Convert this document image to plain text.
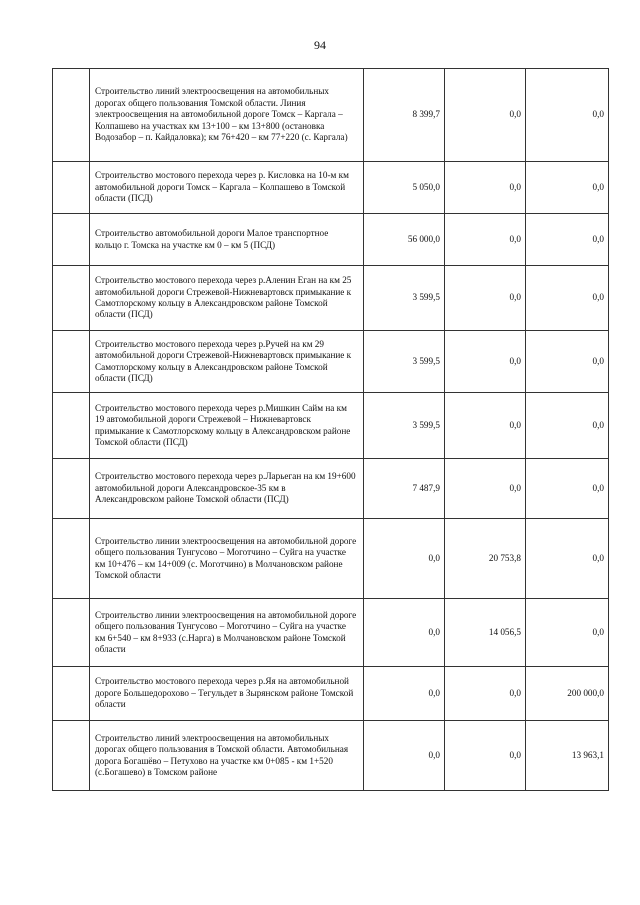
94
	Строительство линий электроосвещения на автомобильных дорогах общего пользования Томской области. Линия электроосвещения на автомобильной дороге Томск – Каргала – Колпашево на участках км 13+100 – км 13+800 (остановка Водозабор – п. Кайдаловка); км 76+420 – км 77+220 (с. Каргала)	8 399,7	0,0	0,0
	Строительство мостового перехода через р. Кисловка на 10-м км автомобильной дороги Томск – Каргала – Колпашево в Томской области (ПСД)	5 050,0	0,0	0,0
	Строительство автомобильной дороги Малое транспортное кольцо г. Томска на участке км 0 – км 5 (ПСД)	56 000,0	0,0	0,0
	Строительство мостового перехода через р.Аленин Еган на км 25 автомобильной дороги Стрежевой-Нижневартовск примыкание к Самотлорскому кольцу в Александровском районе Томской области (ПСД)	3 599,5	0,0	0,0
	Строительство мостового перехода через р.Ручей на км 29 автомобильной дороги Стрежевой-Нижневартовск примыкание к Самотлорскому кольцу в Александровском районе Томской области (ПСД)	3 599,5	0,0	0,0
	Строительство мостового перехода через р.Мишкин Сайм на км 19 автомобильной дороги Стрежевой – Нижневартовск примыкание к Самотлорскому кольцу в Александровском районе Томской области (ПСД)	3 599,5	0,0	0,0
	Строительство мостового перехода через р.Ларьеган на км 19+600 автомобильной дороги Александровское-35 км в Александровском районе Томской области (ПСД)	7 487,9	0,0	0,0
	Строительство линии электроосвещения на автомобильной дороге общего пользования Тунгусово – Моготчино – Суйга на участке км 10+476 – км 14+009 (с. Моготчино) в Молчановском районе Томской области	0,0	20 753,8	0,0
	Строительство линии электроосвещения на автомобильной дороге общего пользования Тунгусово – Моготчино – Суйга на участке км 6+540 – км 8+933 (с.Нарга) в Молчановском районе Томской области	0,0	14 056,5	0,0
	Строительство мостового перехода через р.Яя на автомобильной дороге Большедорохово – Тегульдет в Зырянском районе Томской области	0,0	0,0	200 000,0
	Строительство линий электроосвещения на автомобильных дорогах общего пользования в Томской области. Автомобильная дорога Богашёво – Петухово на участке км 0+085 - км 1+520 (с.Богашево) в Томском районе	0,0	0,0	13 963,1
